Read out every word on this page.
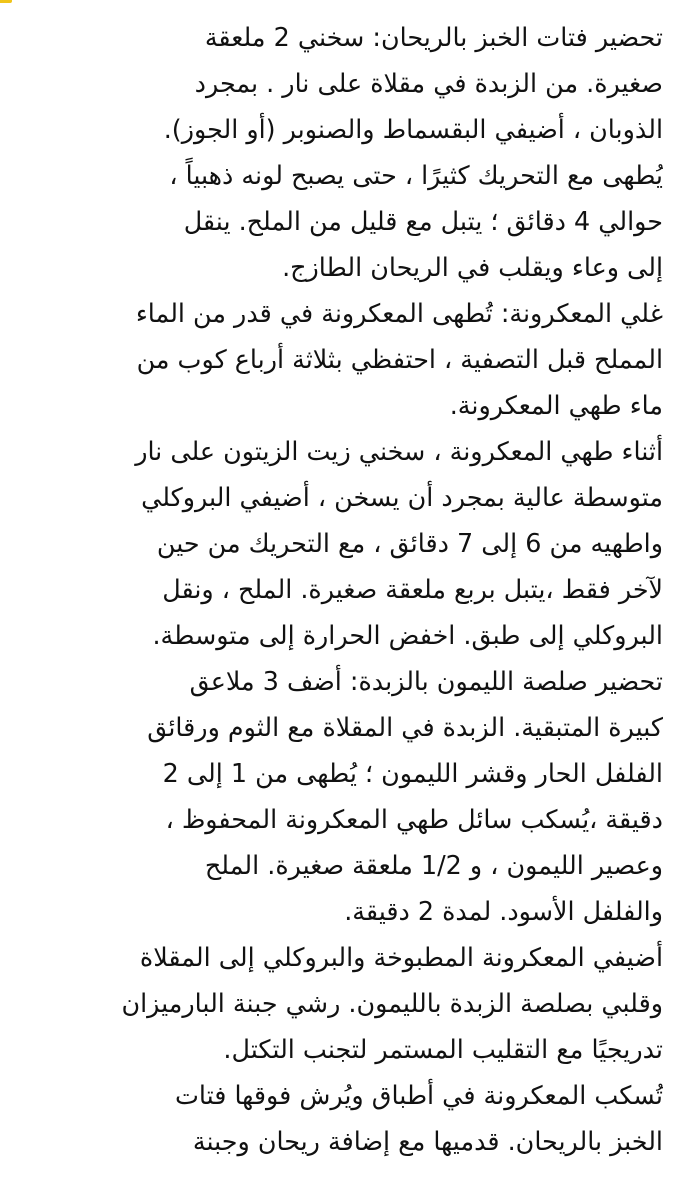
تحضير فتات الخبز بالريحان: سخني 2 ملعقة
صغيرة. من الزبدة في مقلاة على نار . بمجرد
الذوبان ، أضيفي البقسماط والصنوبر (أو الجوز).
يُطهى مع التحريك كثيرًا ، حتى يصبح لونه ذهبياً ،
حوالي 4 دقائق ؛ يتبل مع قليل من الملح. ينقل
إلى وعاء ويقلب في الريحان الطازج.
غلي المعكرونة: تُطهى المعكرونة في قدر من الماء
المملح قبل التصفية ، احتفظي بثلاثة أرباع كوب من
ماء طهي المعكرونة.
أثناء طهي المعكرونة ، سخني زيت الزيتون على نار
متوسطة عالية بمجرد أن يسخن ، أضيفي البروكلي
واطهيه من 6 إلى 7 دقائق ، مع التحريك من حين
لآخر فقط ،يتبل بربع ملعقة صغيرة. الملح ، ونقل
البروكلي إلى طبق. اخفض الحرارة إلى متوسطة.
تحضير صلصة الليمون بالزبدة: أضف 3 ملاعق
كبيرة المتبقية. الزبدة في المقلاة مع الثوم ورقائق
الفلفل الحار وقشر الليمون ؛ يُطهى من 1 إلى 2
دقيقة ،يُسكب سائل طهي المعكرونة المحفوظ ،
وعصير الليمون ، و 1/2 ملعقة صغيرة. الملح
والفلفل الأسود. لمدة 2 دقيقة.
أضيفي المعكرونة المطبوخة والبروكلي إلى المقلاة
وقلبي بصلصة الزبدة بالليمون. رشي جبنة البارميزان
تدريجيًا مع التقليب المستمر لتجنب التكتل.
تُسكب المعكرونة في أطباق ويُرش فوقها فتات
الخبز بالريحان. قدميها مع إضافة ريحان وجبنة
